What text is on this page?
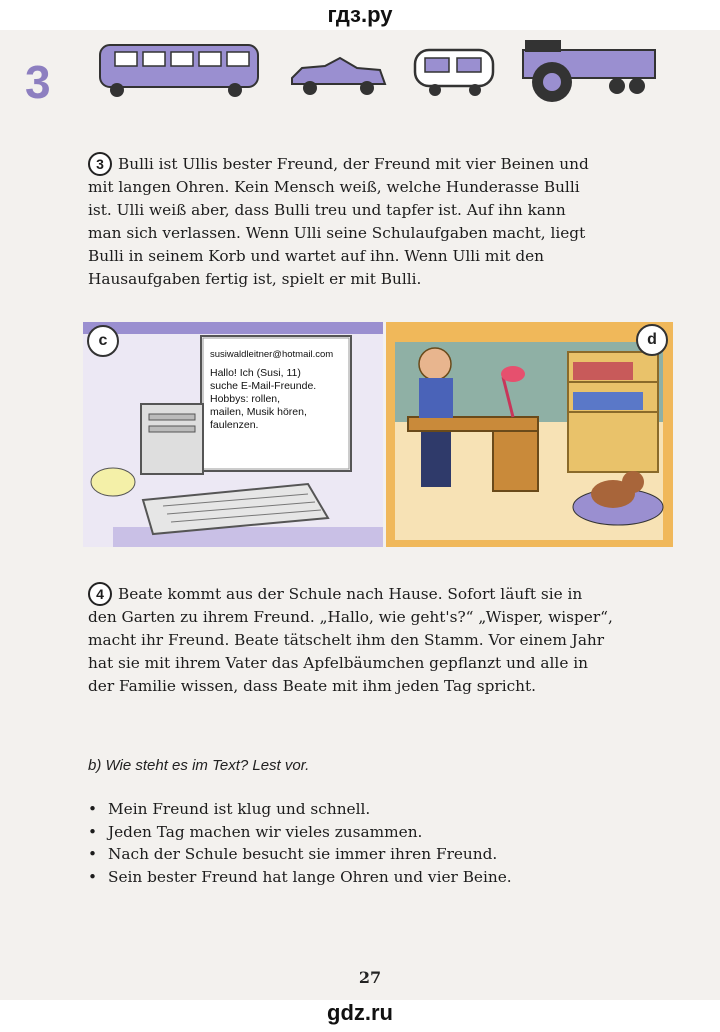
гдз.ру
3
3 Bulli ist Ullis bester Freund, der Freund mit vier Beinen und
mit langen Ohren. Kein Mensch weiß, welche Hunderasse Bulli
ist. Ulli weiß aber, dass Bulli treu und tapfer ist. Auf ihn kann
man sich verlassen. Wenn Ulli seine Schulaufgaben macht, liegt
Bulli in seinem Korb und wartet auf ihn. Wenn Ulli mit den
Hausaufgaben fertig ist, spielt er mit Bulli.
c	d
susiwaldleitner@hotmail.com
Hallo! Ich (Susi, 11)
suche E-Mail-Freunde.
Hobbys: rollen,
mailen, Musik hören,
faulenzen.
4 Beate kommt aus der Schule nach Hause. Sofort läuft sie in
den Garten zu ihrem Freund. „Hallo, wie geht's?“ „Wisper, wisper“,
macht ihr Freund. Beate tätschelt ihm den Stamm. Vor einem Jahr
hat sie mit ihrem Vater das Apfelbäumchen gepflanzt und alle in
der Familie wissen, dass Beate mit ihm jeden Tag spricht.
b) Wie steht es im Text? Lest vor.
• Mein Freund ist klug und schnell.
• Jeden Tag machen wir vieles zusammen.
• Nach der Schule besucht sie immer ihren Freund.
• Sein bester Freund hat lange Ohren und vier Beine.
27
gdz.ru
